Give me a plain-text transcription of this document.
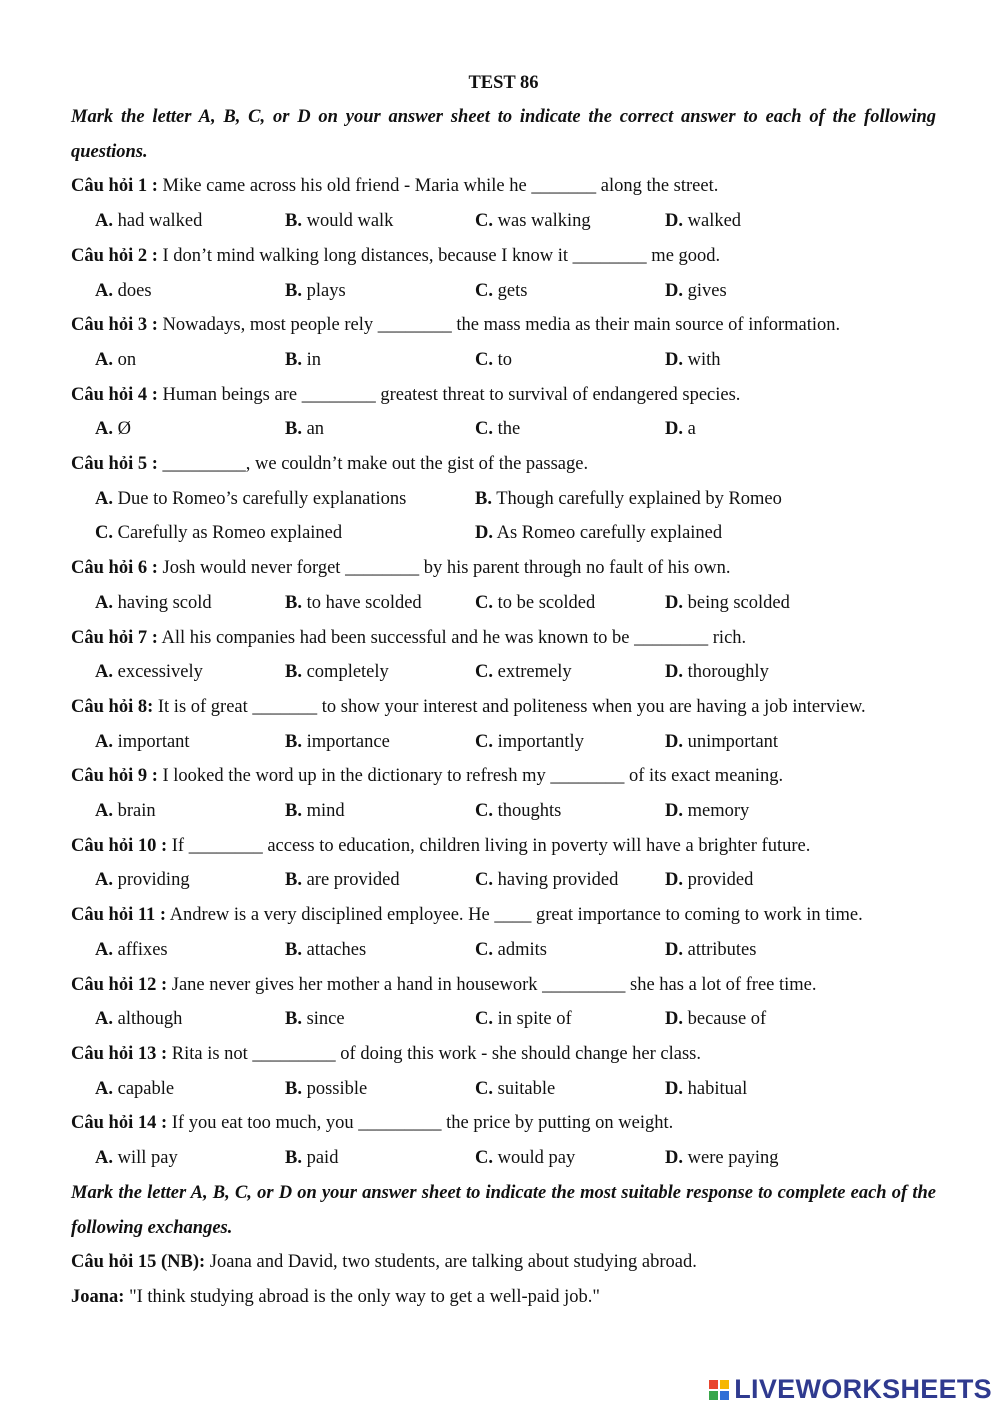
TEST 86
Mark the letter A, B, C, or D on your answer sheet to indicate the correct answer to each of the following questions.
Câu hỏi 1 : Mike came across his old friend - Maria while he _______ along the street.
A. had walked	B. would walk	C. was walking	D. walked
Câu hỏi 2 : I don’t mind walking long distances, because I know it ________ me good.
A. does	B. plays	C. gets	D. gives
Câu hỏi 3 : Nowadays, most people rely ________ the mass media as their main source of information.
A. on	B. in	C. to	D. with
Câu hỏi 4 : Human beings are ________ greatest threat to survival of endangered species.
A. Ø	B. an	C. the	D. a
Câu hỏi 5 : _________, we couldn’t make out the gist of the passage.
A. Due to Romeo’s carefully explanations	B. Though carefully explained by Romeo
C. Carefully as Romeo explained	D. As Romeo carefully explained
Câu hỏi 6 : Josh would never forget ________ by his parent through no fault of his own.
A. having scold	B. to have scolded	C. to be scolded	D. being scolded
Câu hỏi 7 : All his companies had been successful and he was known to be ________ rich.
A. excessively	B. completely	C. extremely	D. thoroughly
Câu hỏi 8: It is of great _______ to show your interest and politeness when you are having a job interview.
A. important	B. importance	C. importantly	D. unimportant
Câu hỏi 9 : I looked the word up in the dictionary to refresh my ________ of its exact meaning.
A. brain	B. mind	C. thoughts	D. memory
Câu hỏi 10 : If ________ access to education, children living in poverty will have a brighter future.
A. providing	B. are provided	C. having provided	D. provided
Câu hỏi 11 : Andrew is a very disciplined employee. He ____ great importance to coming to work in time.
A. affixes	B. attaches	C. admits	D. attributes
Câu hỏi 12 : Jane never gives her mother a hand in housework _________ she has a lot of free time.
A. although	B. since	C. in spite of	D. because of
Câu hỏi 13 : Rita is not _________ of doing this work - she should change her class.
A. capable	B. possible	C. suitable	D. habitual
Câu hỏi 14 : If you eat too much, you _________ the price by putting on weight.
A. will pay	B. paid	C. would pay	D. were paying
Mark the letter A, B, C, or D on your answer sheet to indicate the most suitable response to complete each of the following exchanges.
Câu hỏi 15 (NB): Joana and David, two students, are talking about studying abroad.
Joana: "I think studying abroad is the only way to get a well-paid job."
LIVEWORKSHEETS
